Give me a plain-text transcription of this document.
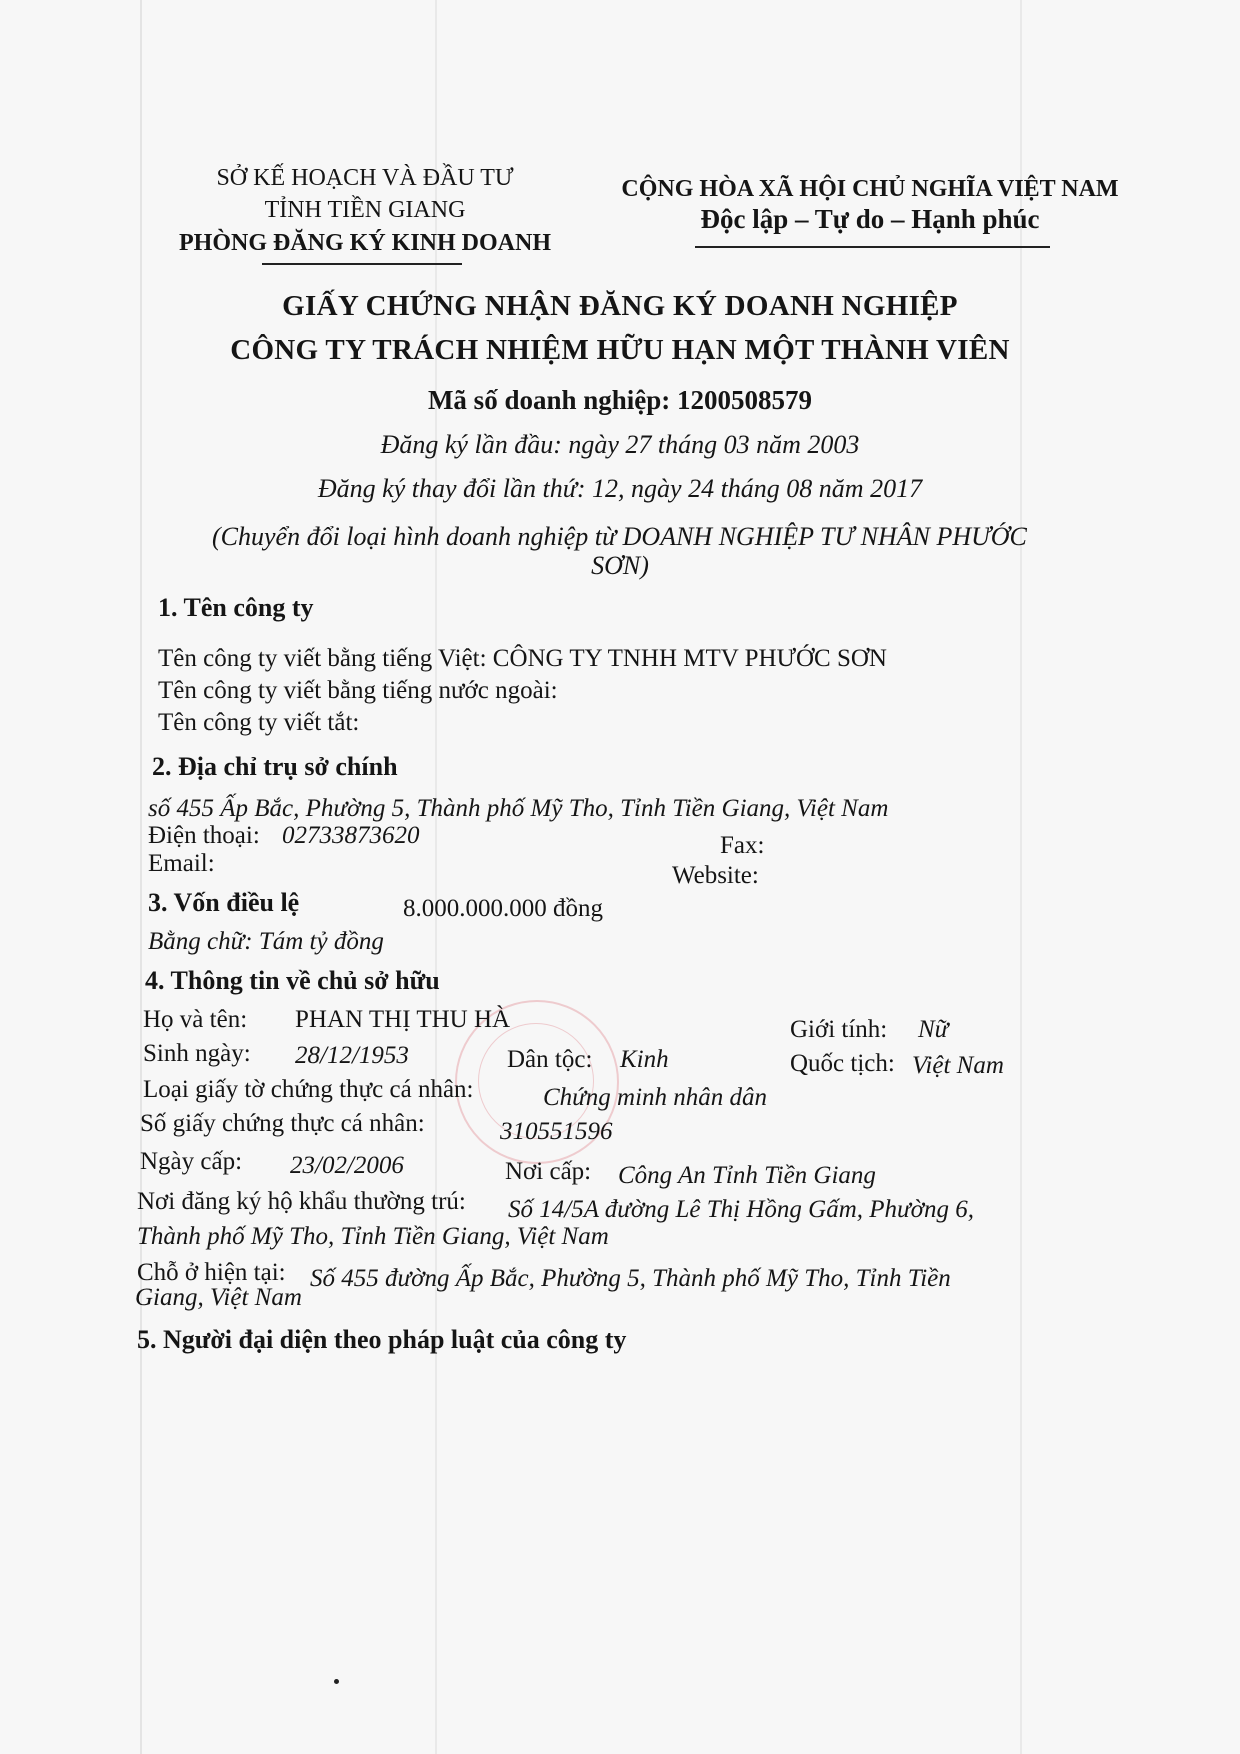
SỞ KẾ HOẠCH VÀ ĐẦU TƯ
TỈNH TIỀN GIANG
PHÒNG ĐĂNG KÝ KINH DOANH
CỘNG HÒA XÃ HỘI CHỦ NGHĨA VIỆT NAM
Độc lập – Tự do – Hạnh phúc
GIẤY CHỨNG NHẬN ĐĂNG KÝ DOANH NGHIỆP
CÔNG TY TRÁCH NHIỆM HỮU HẠN MỘT THÀNH VIÊN
Mã số doanh nghiệp: 1200508579
Đăng ký lần đầu: ngày 27 tháng 03 năm 2003
Đăng ký thay đổi lần thứ: 12, ngày 24 tháng 08 năm 2017
(Chuyển đổi loại hình doanh nghiệp từ DOANH NGHIỆP TƯ NHÂN PHƯỚC
SƠN)
1. Tên công ty
Tên công ty viết bằng tiếng Việt: CÔNG TY TNHH MTV PHƯỚC SƠN
Tên công ty viết bằng tiếng nước ngoài:
Tên công ty viết tắt:
2. Địa chỉ trụ sở chính
số 455 Ấp Bắc, Phường 5, Thành phố Mỹ Tho, Tỉnh Tiền Giang, Việt Nam
Điện thoại: 02733873620	Fax:
Email:	Website:
3. Vốn điều lệ	8.000.000.000 đồng
Bằng chữ: Tám tỷ đồng
4. Thông tin về chủ sở hữu
Họ và tên: PHAN THỊ THU HÀ	Giới tính: Nữ
Sinh ngày: 28/12/1953	Dân tộc: Kinh	Quốc tịch: Việt Nam
Loại giấy tờ chứng thực cá nhân:	Chứng minh nhân dân
Số giấy chứng thực cá nhân:	310551596
Ngày cấp: 23/02/2006	Nơi cấp: Công An Tỉnh Tiền Giang
Nơi đăng ký hộ khẩu thường trú: Số 14/5A đường Lê Thị Hồng Gấm, Phường 6,
Thành phố Mỹ Tho, Tỉnh Tiền Giang, Việt Nam
Chỗ ở hiện tại: Số 455 đường Ấp Bắc, Phường 5, Thành phố Mỹ Tho, Tỉnh Tiền
Giang, Việt Nam
5. Người đại diện theo pháp luật của công ty
